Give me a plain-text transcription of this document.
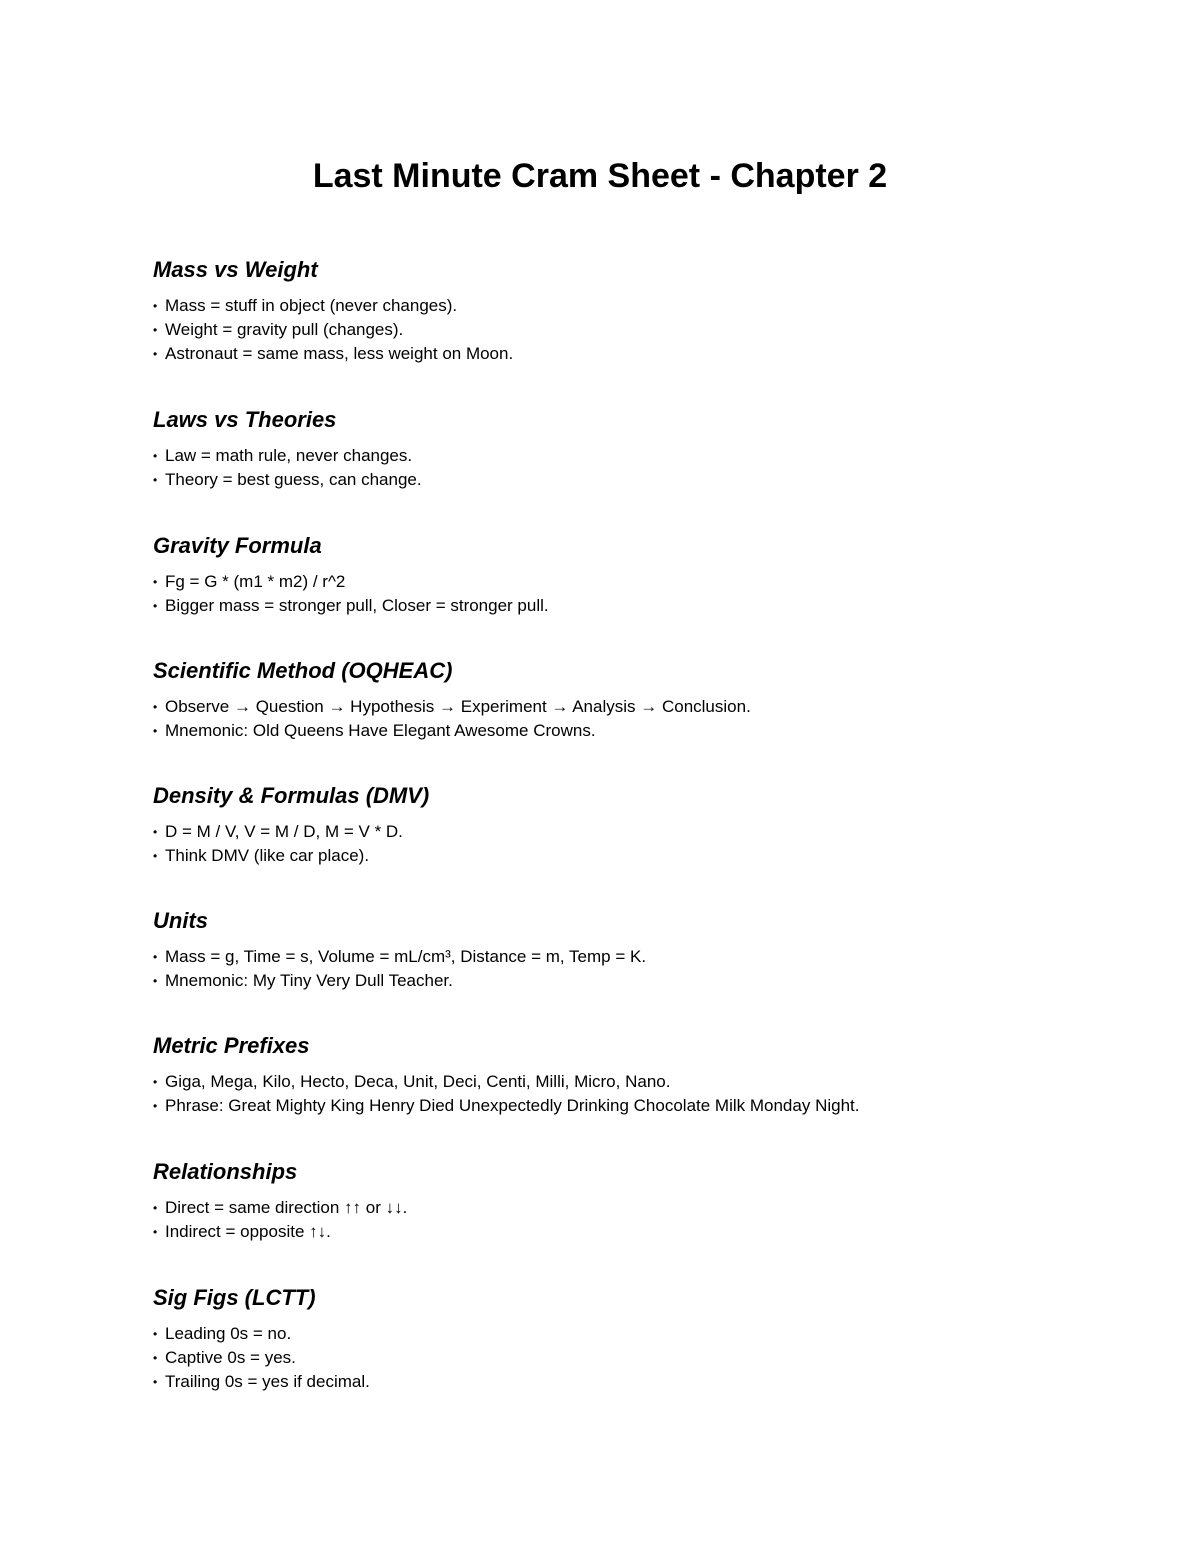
Last Minute Cram Sheet - Chapter 2
Mass vs Weight
• Mass = stuff in object (never changes).
• Weight = gravity pull (changes).
• Astronaut = same mass, less weight on Moon.
Laws vs Theories
• Law = math rule, never changes.
• Theory = best guess, can change.
Gravity Formula
• Fg = G * (m1 * m2) / r^2
• Bigger mass = stronger pull, Closer = stronger pull.
Scientific Method (OQHEAC)
• Observe → Question → Hypothesis → Experiment → Analysis → Conclusion.
• Mnemonic: Old Queens Have Elegant Awesome Crowns.
Density & Formulas (DMV)
• D = M / V, V = M / D, M = V * D.
• Think DMV (like car place).
Units
• Mass = g, Time = s, Volume = mL/cm³, Distance = m, Temp = K.
• Mnemonic: My Tiny Very Dull Teacher.
Metric Prefixes
• Giga, Mega, Kilo, Hecto, Deca, Unit, Deci, Centi, Milli, Micro, Nano.
• Phrase: Great Mighty King Henry Died Unexpectedly Drinking Chocolate Milk Monday Night.
Relationships
• Direct = same direction ↑↑ or ↓↓.
• Indirect = opposite ↑↓.
Sig Figs (LCTT)
• Leading 0s = no.
• Captive 0s = yes.
• Trailing 0s = yes if decimal.
